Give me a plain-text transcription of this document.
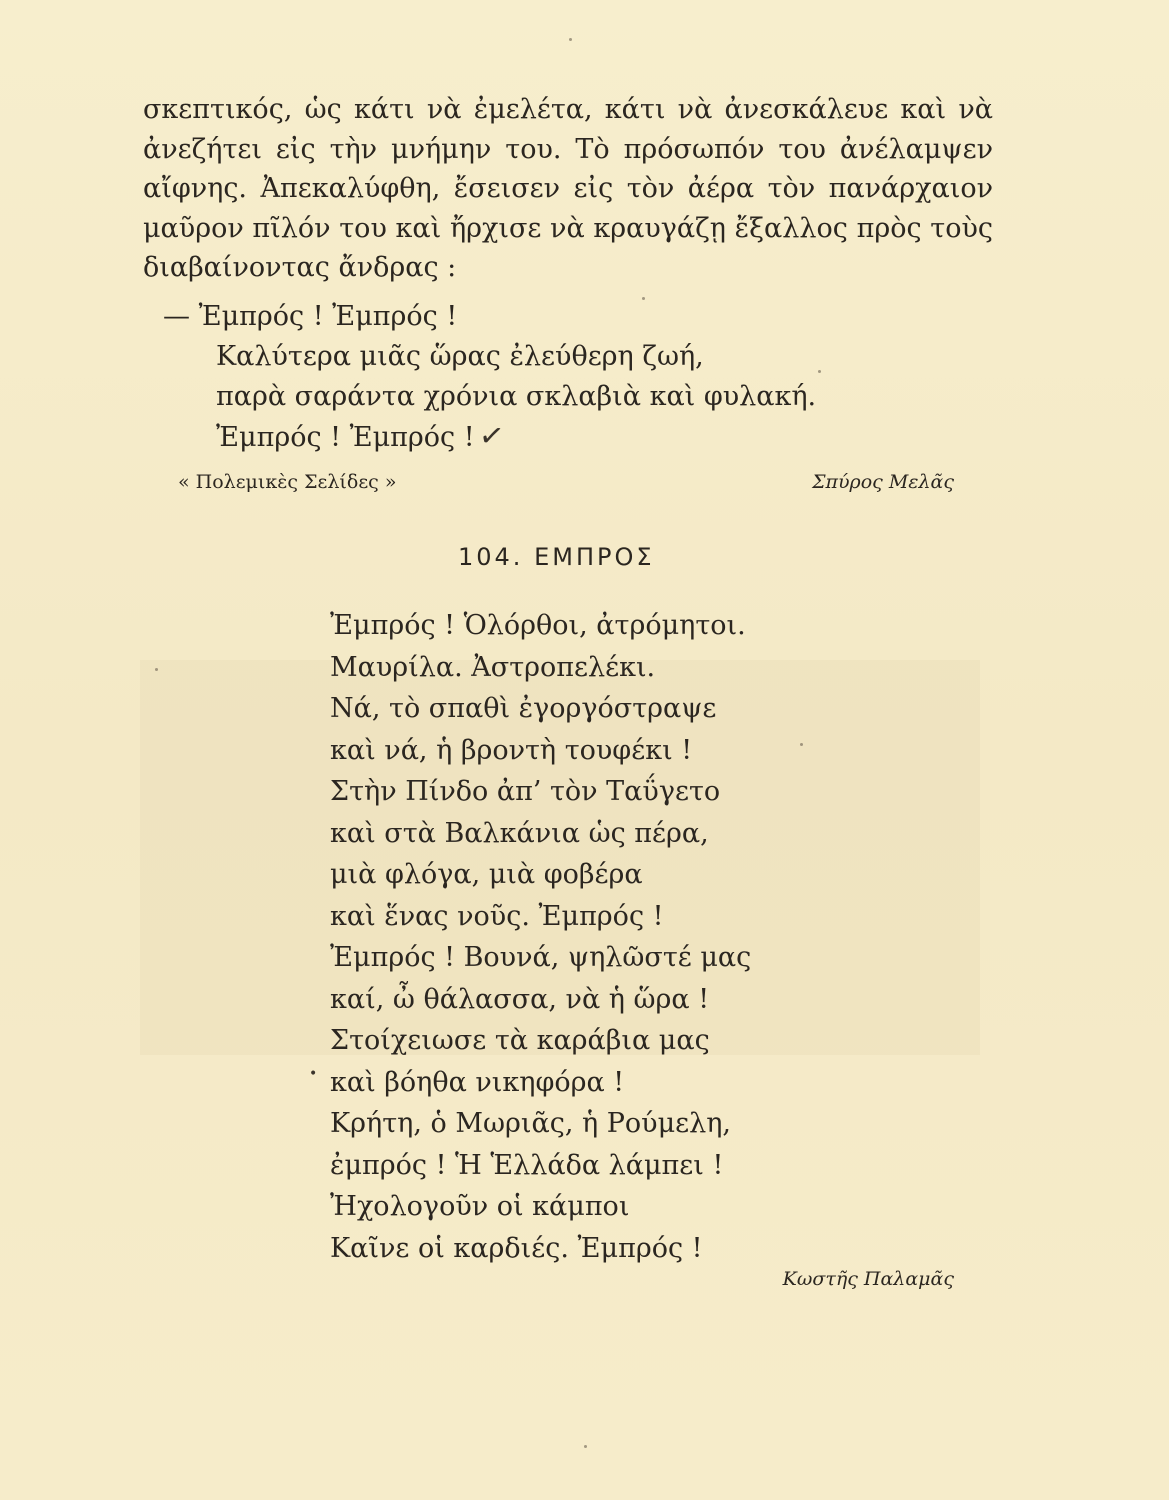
σκεπτικός, ὡς κάτι νὰ ἐμελέτα, κάτι νὰ ἀνεσκάλευε καὶ νὰ
ἀνεζήτει εἰς τὴν μνήμην του. Τὸ πρόσωπόν του ἀνέλαμψεν
αἴφνης. Ἀπεκαλύφθη, ἔσεισεν εἰς τὸν ἀέρα τὸν πανάρχαιον
μαῦρον πῖλόν του καὶ ἤρχισε νὰ κραυγάζῃ ἔξαλλος πρὸς τοὺς
διαβαίνοντας ἄνδρας :
— Ἐμπρός ! Ἐμπρός !
Καλύτερα μιᾶς ὥρας ἐλεύθερη ζωή,
παρὰ σαράντα χρόνια σκλαβιὰ καὶ φυλακή.
Ἐμπρός ! Ἐμπρός !✓
« Πολεμικὲς Σελίδες »	Σπύρος Μελᾶς
104. ΕΜΠΡΟΣ
•
Ἐμπρός ! Ὁλόρθοι, ἀτρόμητοι.
Μαυρίλα. Ἀστροπελέκι.
Νά, τὸ σπαθὶ ἐγοργόστραψε
καὶ νά, ἡ βροντὴ τουφέκι !
Στὴν Πίνδο ἀπ’ τὸν Ταΰγετο
καὶ στὰ Βαλκάνια ὡς πέρα,
μιὰ φλόγα, μιὰ φοβέρα
καὶ ἕνας νοῦς. Ἐμπρός !
Ἐμπρός ! Βουνά, ψηλῶστέ μας
καί, ὦ θάλασσα, νὰ ἡ ὥρα !
Στοίχειωσε τὰ καράβια μας
καὶ βόηθα νικηφόρα !
Κρήτη, ὁ Μωριᾶς, ἡ Ρούμελη,
ἐμπρός ! Ἡ Ἑλλάδα λάμπει !
Ἠχολογοῦν οἱ κάμποι
Καῖνε οἱ καρδιές. Ἐμπρός !
Κωστῆς Παλαμᾶς
